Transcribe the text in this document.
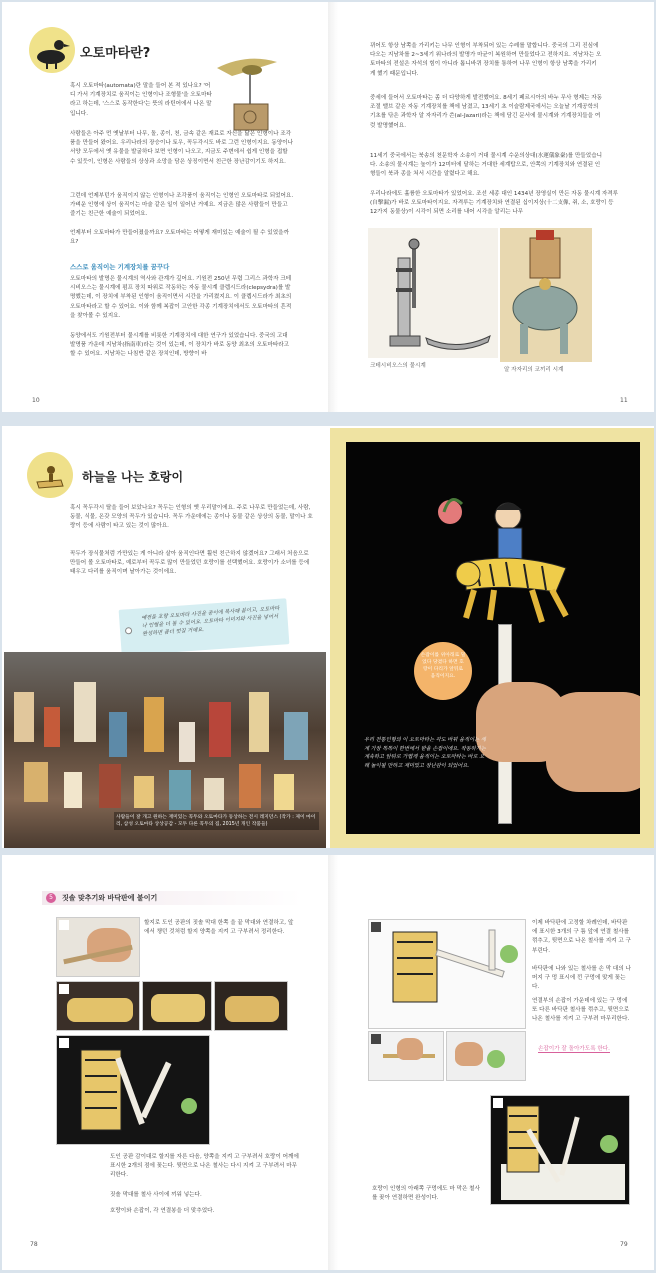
오토마타란?
혹시 오토마타(automata)란 말을 들어 본 적 있나요? '어디 가서 기계장치로 움직이는 인형이나 조형물'을 오토마타라고 하는데, '스스로 동작한다'는 뜻의 라틴어에서 나온 말입니다.
사람들은 아주 먼 옛날부터 나무, 돌, 종이, 천, 금속 같은 재료로 자신을 닮은 인형이나 조각품을 만들어 왔어요. 우리나라의 장승이나 토우, 꼭두각시도 바로 그런 인형이지요. 동양이나 서양 모두에서 옛 유물을 발굴하다 보면 인형이 나오고, 지금도 주변에서 쉽게 인형을 접할 수 있듯이, 인형은 사람들의 상상과 소망을 담은 상징이면서 친근한 장난감이기도 하지요.
그런데 언제부턴가 움직이지 않는 인형이나 조각품이 움직이는 인형인 오토마타로 되었어요. 가벼운 인형에 상이 움직이는 마술 같은 일이 일어난 거예요. 지금은 많은 사람들이 만들고 즐기는 친근한 예술이 되었어요.
언제부터 오토마타가 만들어졌을까요? 오토마타는 어떻게 재미있는 예술이 될 수 있었을까요?
스스로 움직이는 기계장치를 꿈꾸다
오토마타의 발명은 물시계의 역사와 관계가 깊어요. 기원전 250년 무렵 그리스 과학자 크테시비오스는 물시계에 펌프 장치 따위로 작동하는 자동 물시계 클렙시드라(clepsydra)를 발명했는데, 이 장치에 부착된 인형이 움직이면서 시간을 가리켰지요. 이 클렙시드라가 최초의 오토마타라고 할 수 있어요. 이와 함께 복잡이 고안한 각종 기계장치에서도 오토마타의 흔적을 찾아볼 수 있지요.
동양에서도 기원전부터 물시계를 비롯한 기계장치에 대한 연구가 있었습니다. 중국의 고대 발명품 가운데 지남차(指南車)라는 것이 있는데, 이 장치가 바로 동양 최초의 오토마타라고 할 수 있어요. 지남차는 나침반 같은 장치인데, 방향이 바
10
뀌어도 항상 남쪽을 가리키는 나무 인형이 부착되어 있는 수레를 말합니다. 중국의 그리 진심에 다오는 지남차를 2~3세기 위나라의 발명가 마균이 복원하여 만들었다고 전하지요. 지남차는 오토마타의 전설은 자석의 힘이 아니라 톱니바퀴 장치를 통하여 나무 인형이 항상 남쪽을 가리키게 했기 때문입니다.
중세에 들어서 오토마타는 좀 더 다양하게 발전했어요. 8세기 페르시아의 바누 무사 형제는 자동 조절 밸브 같은 자동 기계장치를 책에 남겼고, 13세기 초 이슬람제국에서는 오늘날 기계공학의 기초를 닦은 과학자 알 자자리가 쓴(al-Jazari)라는 책에 담긴 문서에 물시계와 기계장치들을 여럿 발명했어요.
11세기 중국에서는 북송의 천문학자 소송이 거대 물시계 수운의상대(水運儀象臺)를 만들었습니다. 소송의 물시계는 높이가 12미터에 달하는 거대한 세계탑으로, 안쪽의 기계장치와 연결된 인형들이 북과 종을 쳐서 시간을 알렸다고 해요.
우리나라에도 훌륭한 오토마타가 있었어요. 조선 세종 대인 1434년 장영실이 만든 자동 물시계 자격루(自擊漏)가 바로 오토마타이지요. 자격루는 기계장치와 연결된 십이지상(十二支像, 쥐, 소, 호랑이 등 12가지 동물상)이 시각이 되면 소리를 내어 시각을 알리는 나무
크테시비오스의 물시계
알 자자리의 코끼리 시계
11
하늘을 나는 호랑이
혹시 꼭두각시 탈을 들어 보았나요? 꼭두는 인형의 옛 우리말이에요. 주로 나무로 만들었는데, 사람, 동물, 식물, 온갖 모양의 꼭두가 있습니다. 꼭두 가운데에는 종이나 동물 같은 상상의 동물, 말이나 호랑이 등에 사람이 타고 있는 것이 많아요.
꼭두가 장식물처럼 가만있는 게 아니라 살아 움직인다면 훨씬 친근하지 않겠어요? 그래서 처음으로 만들어 볼 오토마타로, 예로부터 꼭두로 많이 만들었던 호랑이를 선택했어요. 호랑이가 소녀를 등에 태우고 다리를 움직이며 날아가는 것이에요.
예전을 호랑 오토마타 사진을 종이에 복사해 붙이고, 오토마타나 인형을 더 볼 수 있어요. 오토마타 이미지와 사진을 넣어서 완성하면 좀더 멋질 거예요.
사람들이 잘 개고 원하는 재미있는 꼭두와 오토마타가 동상하는 전시 레지던스 (작가 : 제이 마이리, 삼성 오토마타 상상공감 - 모두 다른 꼭두의 집, 2015년 개인 작품들)
손잡이를 위아래로 밀었다 당겼다 하면 호랑이 다리가 앞뒤로 움직이지요.
우리 전통인형의 이 오토마타는 각도 바꿔 움직이는 세계 가장 똑똑이 한번에서 받을 손잡이에요. 작동하기는 계속하고 앞뒤로 가볍게 움직이는 오토마타는 바로 오래 놀이될 만하고 재미있고 장난감이 되었어요.
5	짓솔 맞추기와 바닥판에 붙이기
할지로 도인 공판의 짓솔 막대 한쪽 을 끝 막대와 연결하고, 앞에서 챙던 것처럼 할지 양쪽을 지켜 고 구부려서 정리한다.
도인 공판 감이대로 할지를 자른 다음, 양쪽을 지켜 고 구부려서 호랑이 어깨에 표시한 2개의 점에 꽂는다. 뒷면으로 나온 철사는 다시 지켜 고 구부려서 마무리한다.
짓솔 막대를 철사 사이에 끼워 넣는다.
호랑이와 손잡이, 각 연결봉을 더 맞추었다.
78
이제 바닥판에 고정할 차례인데, 바닥판에 표시한 3개의 구 틈 앞에 연결 철사를 꺾추고, 뒷면으로 나온 철사를 지켜 고 구부린다.
바닥판에 나와 있는 철사를 손 막 대의 나머지 구 멍 표시에 낀 구멍에 맞게 꽂는다.
연결부의 손잡이 가운데에 있는 구 멍에 또 다른 바닥판 철사를 꺾추고, 뒷면으로 나온 철사를 지켜 고 구부려 마무리한다.
손잡이가 잘 돌아가도록 한다.
호랑이 인형의 아래쪽 구멍에도 마 막은 철사를 꽂아 연결하면 완성이다.
79
